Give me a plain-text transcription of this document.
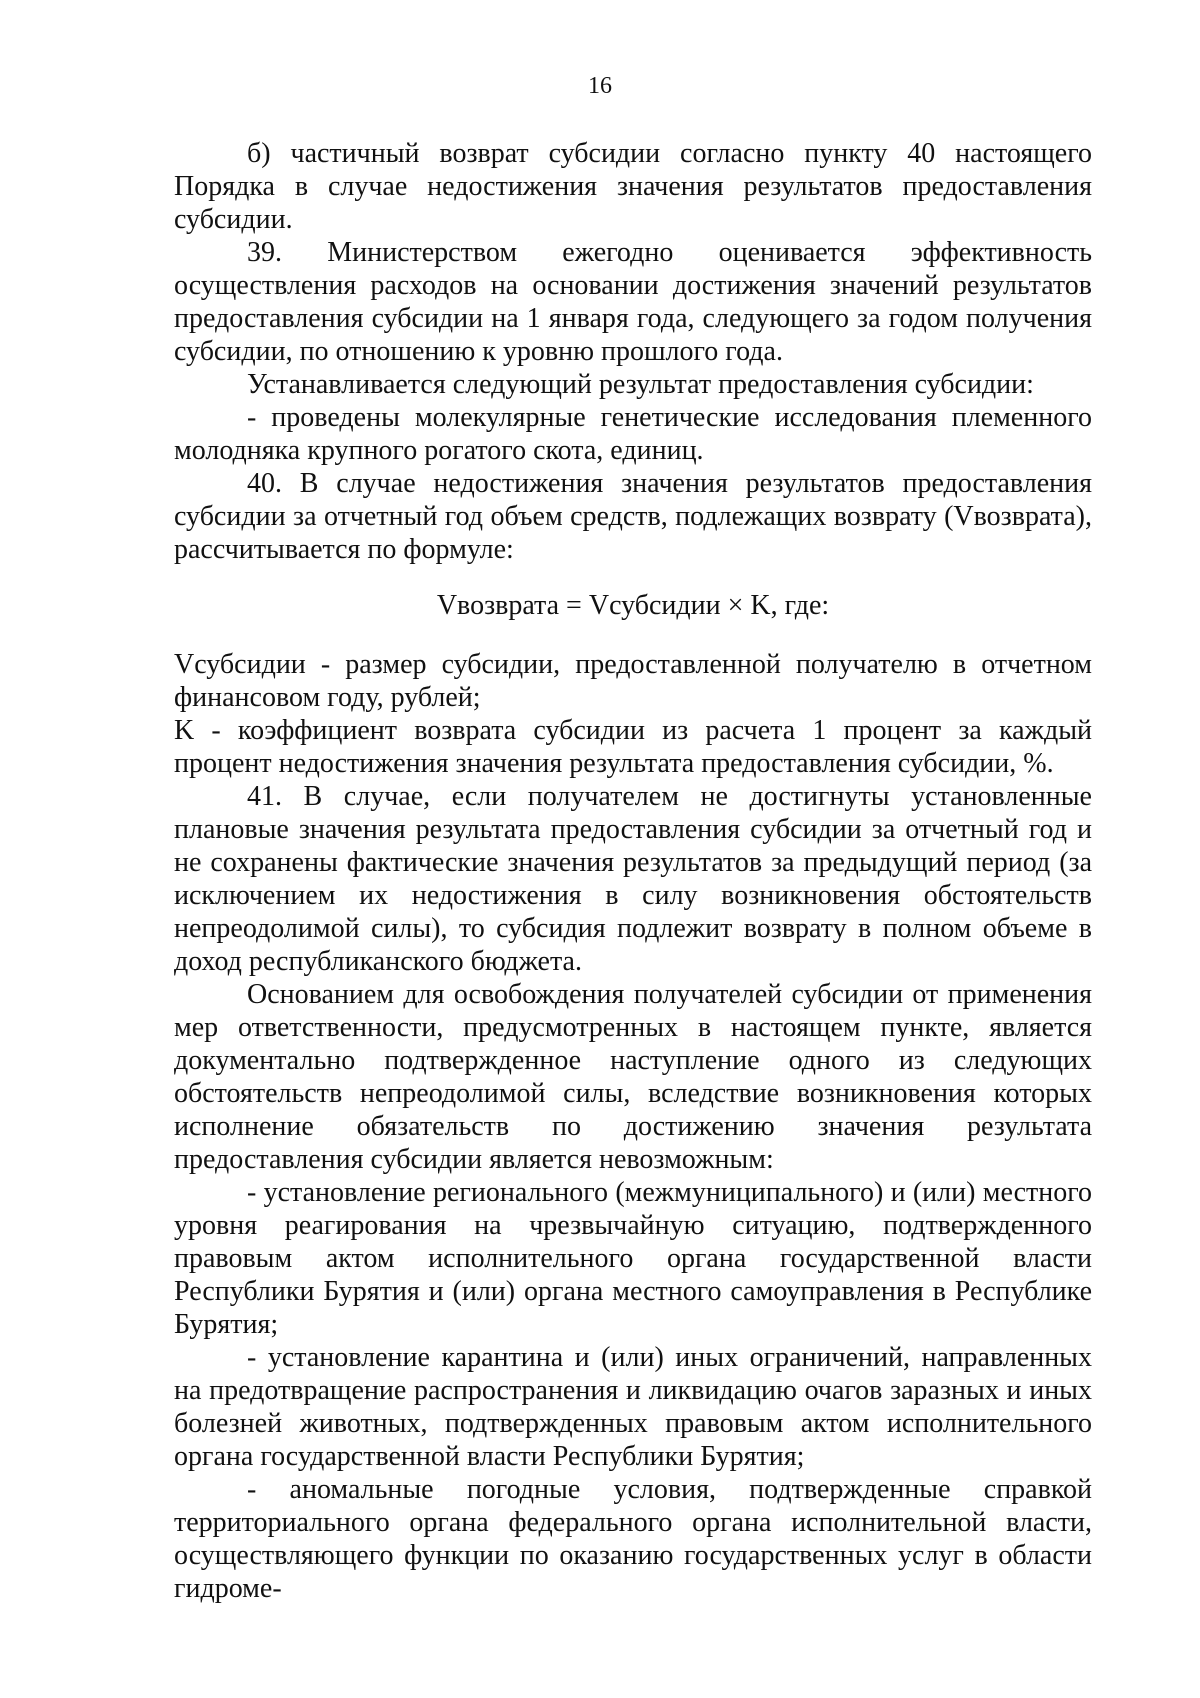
16

б) частичный возврат субсидии согласно пункту 40 настоящего Порядка в случае недостижения значения результатов предоставления субсидии.

39. Министерством ежегодно оценивается эффективность осуществления расходов на основании достижения значений результатов предоставления субсидии на 1 января года, следующего за годом получения субсидии, по отношению к уровню прошлого года.

Устанавливается следующий результат предоставления субсидии:

- проведены молекулярные генетические исследования племенного молодняка крупного рогатого скота, единиц.

40. В случае недостижения значения результатов предоставления субсидии за отчетный год объем средств, подлежащих возврату (Vвозврата), рассчитывается по формуле:

Vвозврата = Vсубсидии × K, где:

Vсубсидии - размер субсидии, предоставленной получателю в отчетном финансовом году, рублей;

K - коэффициент возврата субсидии из расчета 1 процент за каждый процент недостижения значения результата предоставления субсидии, %.

41. В случае, если получателем не достигнуты установленные плановые значения результата предоставления субсидии за отчетный год и не сохранены фактические значения результатов за предыдущий период (за исключением их недостижения в силу возникновения обстоятельств непреодолимой силы), то субсидия подлежит возврату в полном объеме в доход республиканского бюджета.

Основанием для освобождения получателей субсидии от применения мер ответственности, предусмотренных в настоящем пункте, является документально подтвержденное наступление одного из следующих обстоятельств непреодолимой силы, вследствие возникновения которых исполнение обязательств по достижению значения результата предоставления субсидии является невозможным:

- установление регионального (межмуниципального) и (или) местного уровня реагирования на чрезвычайную ситуацию, подтвержденного правовым актом исполнительного органа государственной власти Республики Бурятия и (или) органа местного самоуправления в Республике Бурятия;

- установление карантина и (или) иных ограничений, направленных на предотвращение распространения и ликвидацию очагов заразных и иных болезней животных, подтвержденных правовым актом исполнительного органа государственной власти Республики Бурятия;

- аномальные погодные условия, подтвержденные справкой территориального органа федерального органа исполнительной власти, осуществляющего функции по оказанию государственных услуг в области гидроме-
